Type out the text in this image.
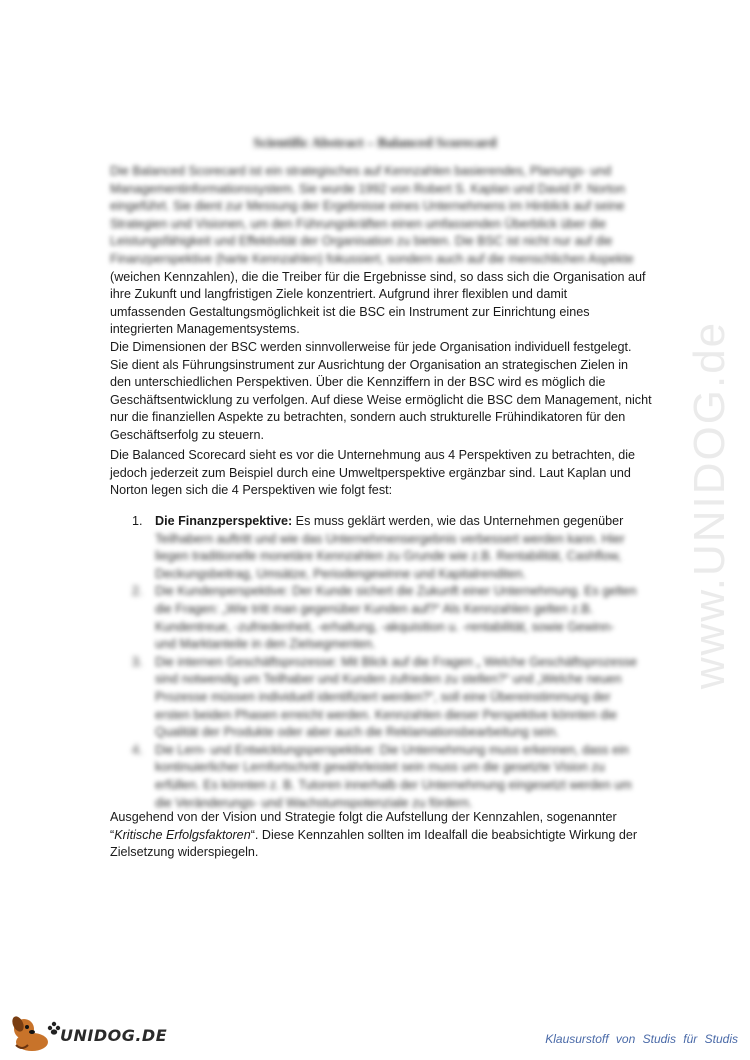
Scientific Abstract – Balanced Scorecard

Die Balanced Scorecard ist ein strategisches auf Kennzahlen basierendes, Planungs- und
Managementinformationssystem. Sie wurde 1992 von Robert S. Kaplan und David P. Norton
eingeführt. Sie dient zur Messung der Ergebnisse eines Unternehmens im Hinblick auf seine
Strategien und Visionen, um den Führungskräften einen umfassenden Überblick über die
Leistungsfähigkeit und Effektivität der Organisation zu bieten. Die BSC ist nicht nur auf die
Finanzperspektive (harte Kennzahlen) fokussiert, sondern auch auf die menschlichen Aspekte
(weichen Kennzahlen), die die Treiber für die Ergebnisse sind, so dass sich die Organisation auf
ihre Zukunft und langfristigen Ziele konzentriert. Aufgrund ihrer flexiblen und damit
umfassenden Gestaltungsmöglichkeit ist die BSC ein Instrument zur Einrichtung eines
integrierten Managementsystems.
Die Dimensionen der BSC werden sinnvollerweise für jede Organisation individuell festgelegt.
Sie dient als Führungsinstrument zur Ausrichtung der Organisation an strategischen Zielen in
den unterschiedlichen Perspektiven. Über die Kennziffern in der BSC wird es möglich die
Geschäftsentwicklung zu verfolgen. Auf diese Weise ermöglicht die BSC dem Management, nicht
nur die finanziellen Aspekte zu betrachten, sondern auch strukturelle Frühindikatoren für den
Geschäftserfolg zu steuern.

Die Balanced Scorecard sieht es vor die Unternehmung aus 4 Perspektiven zu betrachten, die
jedoch jederzeit zum Beispiel durch eine Umweltperspektive ergänzbar sind. Laut Kaplan und
Norton legen sich die 4 Perspektiven wie folgt fest:

1. Die Finanzperspektive: Es muss geklärt werden, wie das Unternehmen gegenüber
Teilhabern auftritt und wie das Unternehmensergebnis verbessert werden kann. Hier
liegen traditionelle monetäre Kennzahlen zu Grunde wie z.B. Rentabilität, Cashflow,
Deckungsbeitrag, Umsätze, Periodengewinne und Kapitalrenditen.
2. Die Kundenperspektive: Der Kunde sichert die Zukunft einer Unternehmung. Es gelten
die Fragen: „Wie tritt man gegenüber Kunden auf?“ Als Kennzahlen gelten z.B.
Kundentreue, -zufriedenheit, -erhaltung, -akquisition u. -rentabilität, sowie Gewinn-
und Marktanteile in den Zielsegmenten.
3. Die internen Geschäftsprozesse: Mit Blick auf die Fragen „ Welche Geschäftsprozesse
sind notwendig um Teilhaber und Kunden zufrieden zu stellen?“ und „Welche neuen
Prozesse müssen individuell identifiziert werden?“, soll eine Übereinstimmung der
ersten beiden Phasen erreicht werden. Kennzahlen dieser Perspektive könnten die
Qualität der Produkte oder aber auch die Reklamationsbearbeitung sein.
4. Die Lern- und Entwicklungsperspektive: Die Unternehmung muss erkennen, dass ein
kontinuierlicher Lernfortschritt gewährleistet sein muss um die gesetzte Vision zu
erfüllen. Es könnten z. B. Tutoren innerhalb der Unternehmung eingesetzt werden um
die Veränderungs- und Wachstumspotenziale zu fördern.

Ausgehend von der Vision und Strategie folgt die Aufstellung der Kennzahlen, sogenannter
“Kritische Erfolgsfaktoren“. Diese Kennzahlen sollten im Idealfall die beabsichtigte Wirkung der
Zielsetzung widerspiegeln.

www.UNIDOG.de
UNIDOG.DE	Klausurstoff von Studis für Studis
